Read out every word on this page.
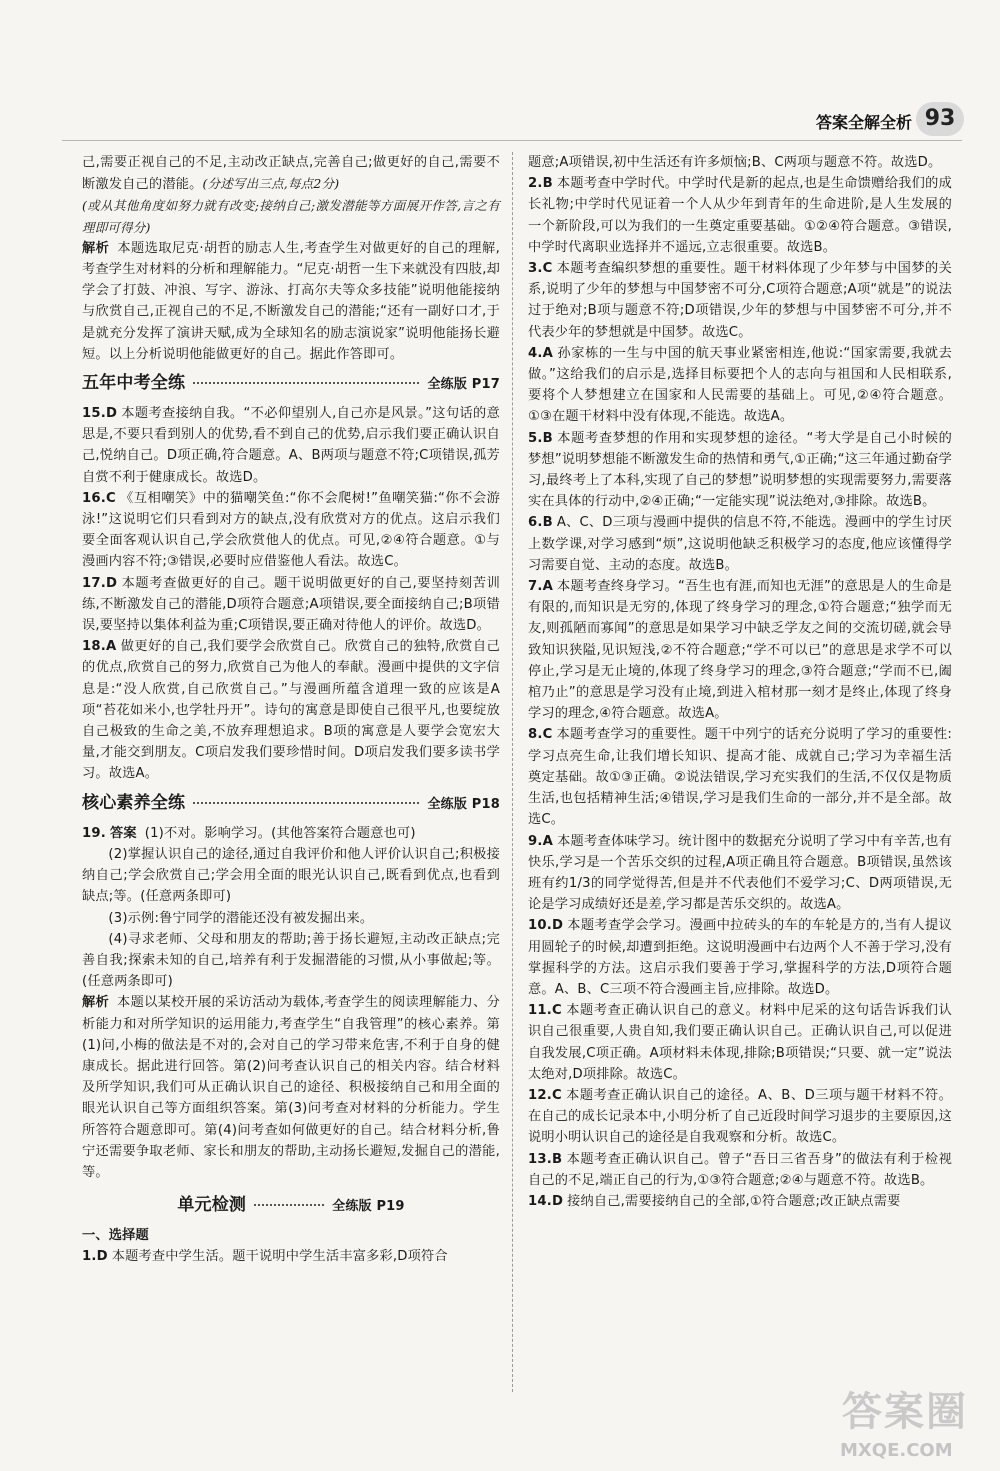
答案全解全析 93

己,需要正视自己的不足,主动改正缺点,完善自己;做更好的自己,需要不断激发自己的潜能。(分述写出三点,每点2分)

(或从其他角度如努力就有改变;接纳自己;激发潜能等方面展开作答,言之有理即可得分)

解析 本题选取尼克·胡哲的励志人生,考查学生对做更好的自己的理解,考查学生对材料的分析和理解能力。“尼克·胡哲一生下来就没有四肢,却学会了打鼓、冲浪、写字、游泳、打高尔夫等众多技能”说明他能接纳与欣赏自己,正视自己的不足,不断激发自己的潜能;“还有一副好口才,于是就充分发挥了演讲天赋,成为全球知名的励志演说家”说明他能扬长避短。以上分析说明他能做更好的自己。据此作答即可。

五年中考全练	全练版 P17

15.D 本题考查接纳自我。“不必仰望别人,自己亦是风景。”这句话的意思是,不要只看到别人的优势,看不到自己的优势,启示我们要正确认识自己,悦纳自己。D项正确,符合题意。A、B两项与题意不符;C项错误,孤芳自赏不利于健康成长。故选D。

16.C 《互相嘲笑》中的猫嘲笑鱼:“你不会爬树!”鱼嘲笑猫:“你不会游泳!”这说明它们只看到对方的缺点,没有欣赏对方的优点。这启示我们要全面客观认识自己,学会欣赏他人的优点。可见,②④符合题意。①与漫画内容不符;③错误,必要时应借鉴他人看法。故选C。

17.D 本题考查做更好的自己。题干说明做更好的自己,要坚持刻苦训练,不断激发自己的潜能,D项符合题意;A项错误,要全面接纳自己;B项错误,要坚持以集体利益为重;C项错误,要正确对待他人的评价。故选D。

18.A 做更好的自己,我们要学会欣赏自己。欣赏自己的独特,欣赏自己的优点,欣赏自己的努力,欣赏自己为他人的奉献。漫画中提供的文字信息是:“没人欣赏,自己欣赏自己。”与漫画所蕴含道理一致的应该是A项“苔花如米小,也学牡丹开”。诗句的寓意是即使自己很平凡,也要绽放自己极致的生命之美,不放弃理想追求。B项的寓意是人要学会宽宏大量,才能交到朋友。C项启发我们要珍惜时间。D项启发我们要多读书学习。故选A。

核心素养全练	全练版 P18

19. 答案 (1)不对。影响学习。(其他答案符合题意也可)

(2)掌握认识自己的途径,通过自我评价和他人评价认识自己;积极接纳自己;学会欣赏自己;学会用全面的眼光认识自己,既看到优点,也看到缺点;等。(任意两条即可)

(3)示例:鲁宁同学的潜能还没有被发掘出来。

(4)寻求老师、父母和朋友的帮助;善于扬长避短,主动改正缺点;完善自我;探索未知的自己,培养有利于发掘潜能的习惯,从小事做起;等。(任意两条即可)

解析 本题以某校开展的采访活动为载体,考查学生的阅读理解能力、分析能力和对所学知识的运用能力,考查学生“自我管理”的核心素养。第(1)问,小梅的做法是不对的,会对自己的学习带来危害,不利于自身的健康成长。据此进行回答。第(2)问考查认识自己的相关内容。结合材料及所学知识,我们可从正确认识自己的途径、积极接纳自己和用全面的眼光认识自己等方面组织答案。第(3)问考查对材料的分析能力。学生所答符合题意即可。第(4)问考查如何做更好的自己。结合材料分析,鲁宁还需要争取老师、家长和朋友的帮助,主动扬长避短,发掘自己的潜能,等。

单元检测	全练版 P19

一、选择题

1.D 本题考查中学生活。题干说明中学生活丰富多彩,D项符合

题意;A项错误,初中生活还有许多烦恼;B、C两项与题意不符。故选D。

2.B 本题考查中学时代。中学时代是新的起点,也是生命馈赠给我们的成长礼物;中学时代见证着一个人从少年到青年的生命进阶,是人生发展的一个新阶段,可以为我们的一生奠定重要基础。①②④符合题意。③错误,中学时代离职业选择并不遥远,立志很重要。故选B。

3.C 本题考查编织梦想的重要性。题干材料体现了少年梦与中国梦的关系,说明了少年的梦想与中国梦密不可分,C项符合题意;A项“就是”的说法过于绝对;B项与题意不符;D项错误,少年的梦想与中国梦密不可分,并不代表少年的梦想就是中国梦。故选C。

4.A 孙家栋的一生与中国的航天事业紧密相连,他说:“国家需要,我就去做。”这给我们的启示是,选择目标要把个人的志向与祖国和人民相联系,要将个人梦想建立在国家和人民需要的基础上。可见,②④符合题意。①③在题干材料中没有体现,不能选。故选A。

5.B 本题考查梦想的作用和实现梦想的途径。“考大学是自己小时候的梦想”说明梦想能不断激发生命的热情和勇气,①正确;“这三年通过勤奋学习,最终考上了本科,实现了自己的梦想”说明梦想的实现需要努力,需要落实在具体的行动中,②④正确;“一定能实现”说法绝对,③排除。故选B。

6.B A、C、D三项与漫画中提供的信息不符,不能选。漫画中的学生讨厌上数学课,对学习感到“烦”,这说明他缺乏积极学习的态度,他应该懂得学习需要自觉、主动的态度。故选B。

7.A 本题考查终身学习。“吾生也有涯,而知也无涯”的意思是人的生命是有限的,而知识是无穷的,体现了终身学习的理念,①符合题意;“独学而无友,则孤陋而寡闻”的意思是如果学习中缺乏学友之间的交流切磋,就会导致知识狭隘,见识短浅,②不符合题意;“学不可以已”的意思是求学不可以停止,学习是无止境的,体现了终身学习的理念,③符合题意;“学而不已,阖棺乃止”的意思是学习没有止境,到进入棺材那一刻才是终止,体现了终身学习的理念,④符合题意。故选A。

8.C 本题考查学习的重要性。题干中列宁的话充分说明了学习的重要性:学习点亮生命,让我们增长知识、提高才能、成就自己;学习为幸福生活奠定基础。故①③正确。②说法错误,学习充实我们的生活,不仅仅是物质生活,也包括精神生活;④错误,学习是我们生命的一部分,并不是全部。故选C。

9.A 本题考查体味学习。统计图中的数据充分说明了学习中有辛苦,也有快乐,学习是一个苦乐交织的过程,A项正确且符合题意。B项错误,虽然该班有约1/3的同学觉得苦,但是并不代表他们不爱学习;C、D两项错误,无论是学习成绩好还是差,学习都是苦乐交织的。故选A。

10.D 本题考查学会学习。漫画中拉砖头的车的车轮是方的,当有人提议用圆轮子的时候,却遭到拒绝。这说明漫画中右边两个人不善于学习,没有掌握科学的方法。这启示我们要善于学习,掌握科学的方法,D项符合题意。A、B、C三项不符合漫画主旨,应排除。故选D。

11.C 本题考查正确认识自己的意义。材料中尼采的这句话告诉我们认识自己很重要,人贵自知,我们要正确认识自己。正确认识自己,可以促进自我发展,C项正确。A项材料未体现,排除;B项错误;“只要、就一定”说法太绝对,D项排除。故选C。

12.C 本题考查正确认识自己的途径。A、B、D三项与题干材料不符。在自己的成长记录本中,小明分析了自己近段时间学习退步的主要原因,这说明小明认识自己的途径是自我观察和分析。故选C。

13.B 本题考查正确认识自己。曾子“吾日三省吾身”的做法有利于检视自己的不足,端正自己的行为,①③符合题意;②④与题意不符。故选B。

14.D 接纳自己,需要接纳自己的全部,①符合题意;改正缺点需要

答案圈
MXQE.COM
